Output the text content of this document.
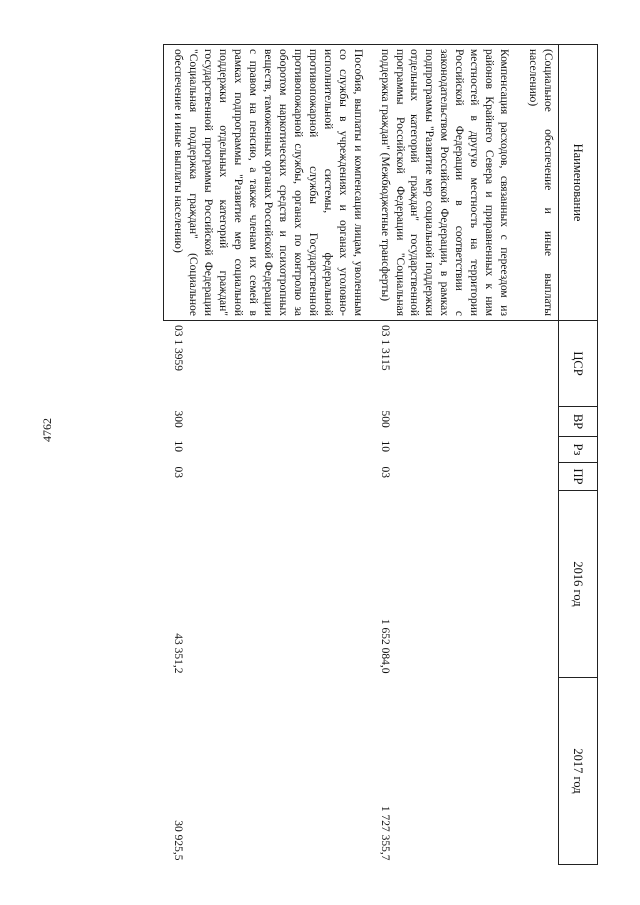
4762
Наименование	ЦСР	ВР	Рз	ПР	2016 год	2017 год
(Социальное обеспечение и иные выплаты населению)						
Компенсация расходов, связанных с переездом из районов Крайнего Севера и приравненных к ним местностей в другую местность на территории Российской Федерации в соответствии с законодательством Российской Федерации, в рамках подпрограммы "Развитие мер социальной поддержки отдельных категорий граждан" государственной программы Российской Федерации "Социальная поддержка граждан" (Межбюджетные трансферты)	03 1 3115	500	10	03	1 652 084,0	1 727 355,7
Пособия, выплаты и компенсации лицам, уволенным со службы в учреждениях и органах уголовно-исполнительной системы, федеральной противопожарной службы Государственной противопожарной службы, органах по контролю за оборотом наркотических средств и психотропных веществ, таможенных органах Российской Федерации с правом на пенсию, а также членам их семей в рамках подпрограммы "Развитие мер социальной поддержки отдельных категорий граждан" государственной программы Российской Федерации "Социальная поддержка граждан" (Социальное обеспечение и иные выплаты населению)	03 1 3959	300	10	03	43 351,2	30 925,5
